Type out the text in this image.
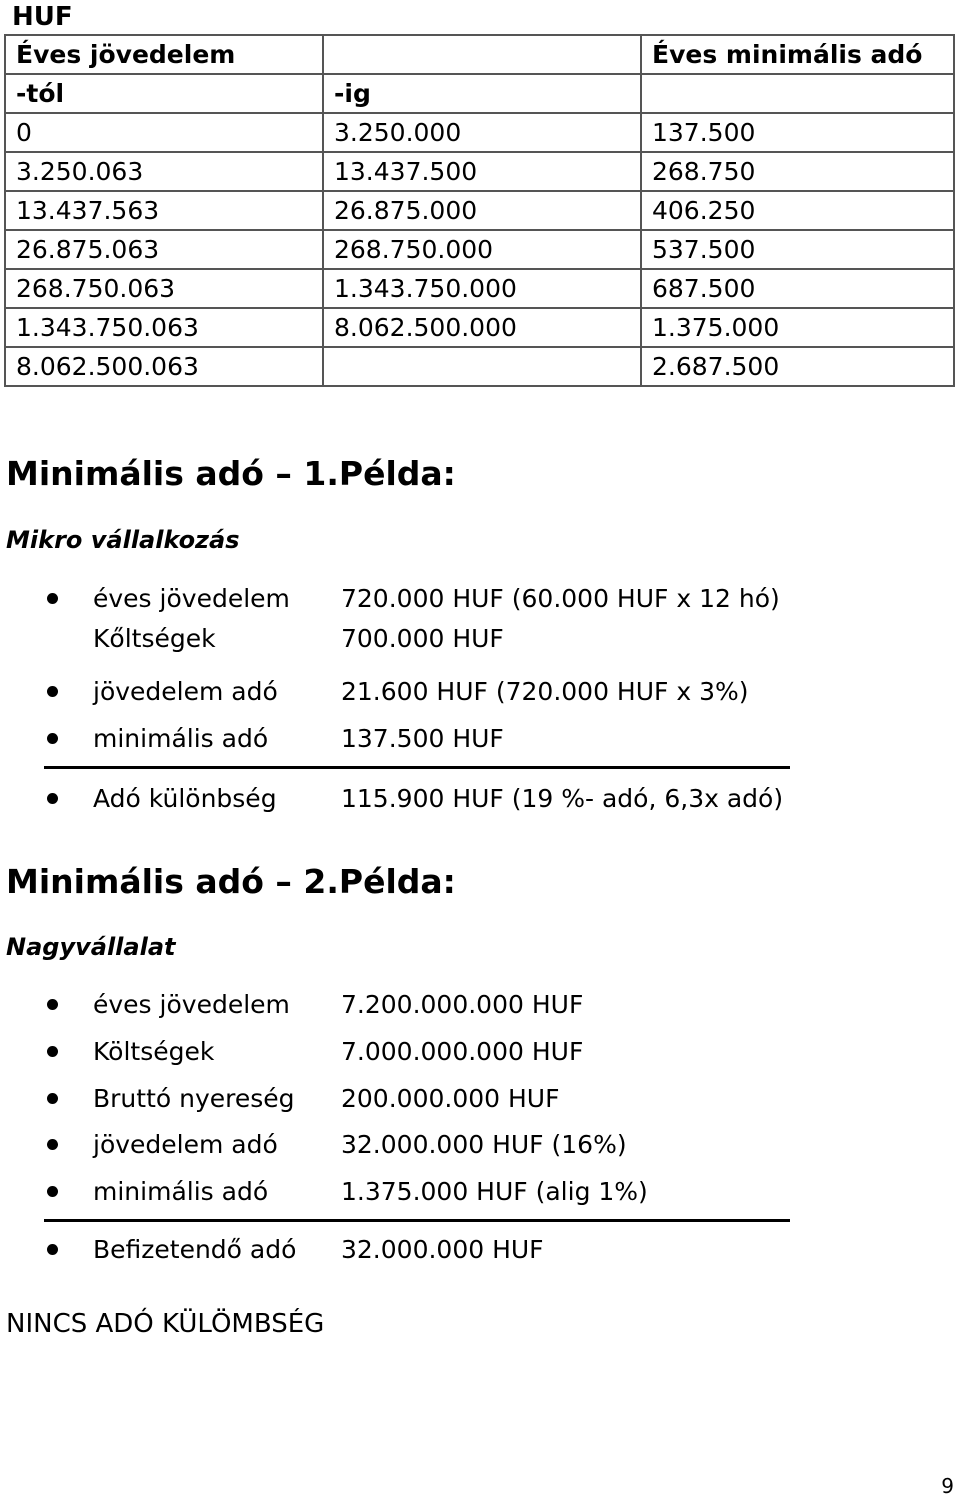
HUF
Éves jövedelem		Éves minimális adó
-tól	-ig	
0	3.250.000	137.500
3.250.063	13.437.500	268.750
13.437.563	26.875.000	406.250
26.875.063	268.750.000	537.500
268.750.063	1.343.750.000	687.500
1.343.750.063	8.062.500.000	1.375.000
8.062.500.063		2.687.500
Minimális adó – 1.Példa:
Mikro vállalkozás
éves jövedelem 720.000 HUF (60.000 HUF x 12 hó)
Kőltségek	700.000 HUF
jövedelem adó	21.600 HUF (720.000 HUF x 3%)
minimális adó	137.500 HUF
Adó különbség	115.900 HUF (19 %- adó, 6,3x adó)
Minimális adó – 2.Példa:
Nagyvállalat
éves jövedelem 7.200.000.000 HUF
Költségek	7.000.000.000 HUF
Bruttó nyereség 200.000.000 HUF
jövedelem adó	32.000.000 HUF (16%)
minimális adó	1.375.000 HUF (alig 1%)
Befizetendő adó 32.000.000 HUF
NINCS ADÓ KÜLÖMBSÉG
9
